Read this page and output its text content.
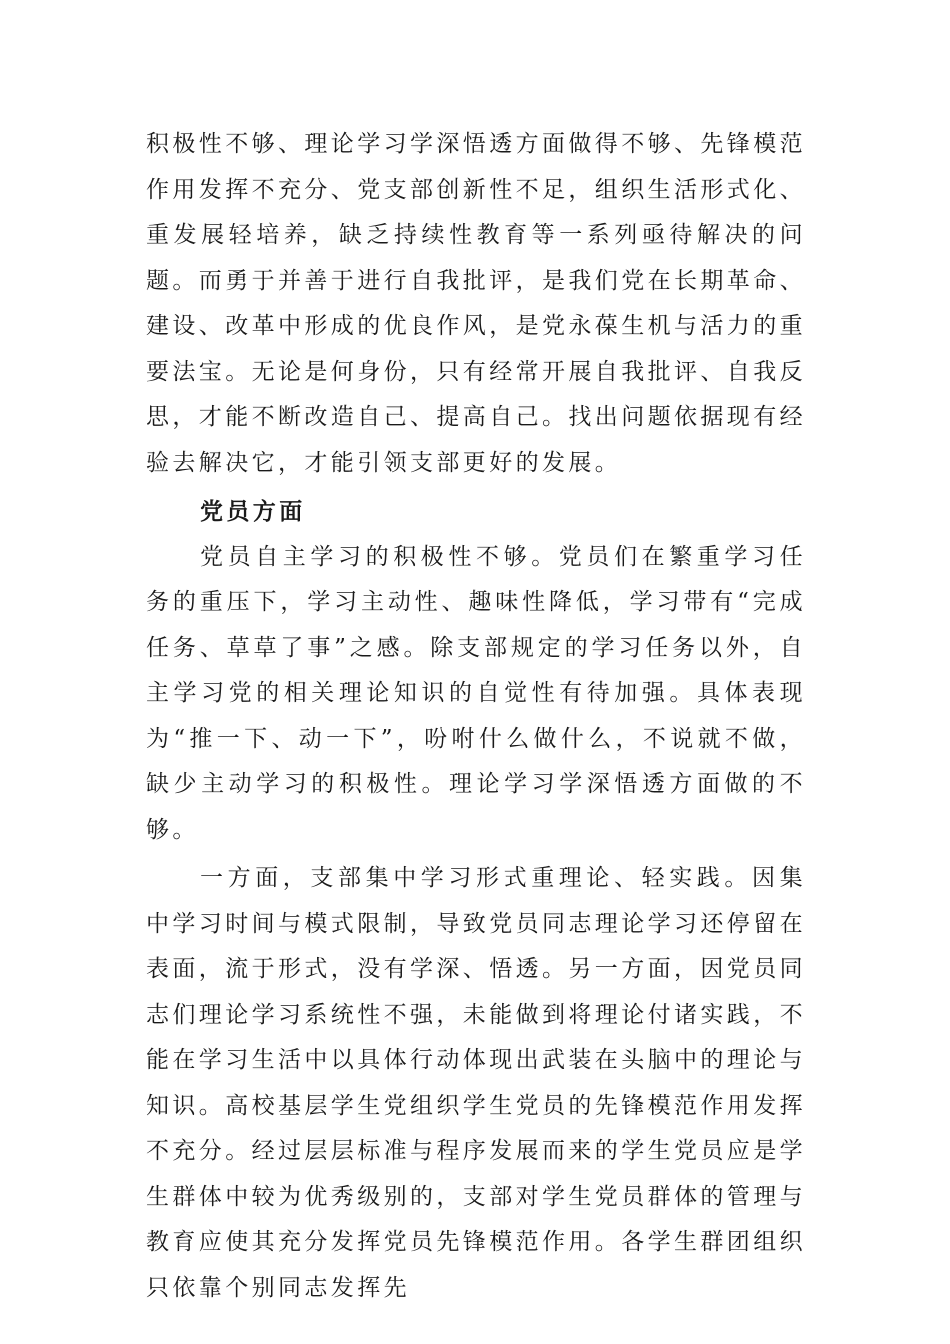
积极性不够、理论学习学深悟透方面做得不够、先锋模范作用发挥不充分、党支部创新性不足，组织生活形式化、重发展轻培养，缺乏持续性教育等一系列亟待解决的问题。而勇于并善于进行自我批评，是我们党在长期革命、建设、改革中形成的优良作风，是党永葆生机与活力的重要法宝。无论是何身份，只有经常开展自我批评、自我反思，才能不断改造自己、提高自己。找出问题依据现有经验去解决它，才能引领支部更好的发展。

党员方面

党员自主学习的积极性不够。党员们在繁重学习任务的重压下，学习主动性、趣味性降低，学习带有“完成任务、草草了事”之感。除支部规定的学习任务以外，自主学习党的相关理论知识的自觉性有待加强。具体表现为“推一下、动一下”，吩咐什么做什么，不说就不做，缺少主动学习的积极性。理论学习学深悟透方面做的不够。

一方面，支部集中学习形式重理论、轻实践。因集中学习时间与模式限制，导致党员同志理论学习还停留在表面，流于形式，没有学深、悟透。另一方面，因党员同志们理论学习系统性不强，未能做到将理论付诸实践，不能在学习生活中以具体行动体现出武装在头脑中的理论与知识。高校基层学生党组织学生党员的先锋模范作用发挥不充分。经过层层标准与程序发展而来的学生党员应是学生群体中较为优秀级别的，支部对学生党员群体的管理与教育应使其充分发挥党员先锋模范作用。各学生群团组织只依靠个别同志发挥先
